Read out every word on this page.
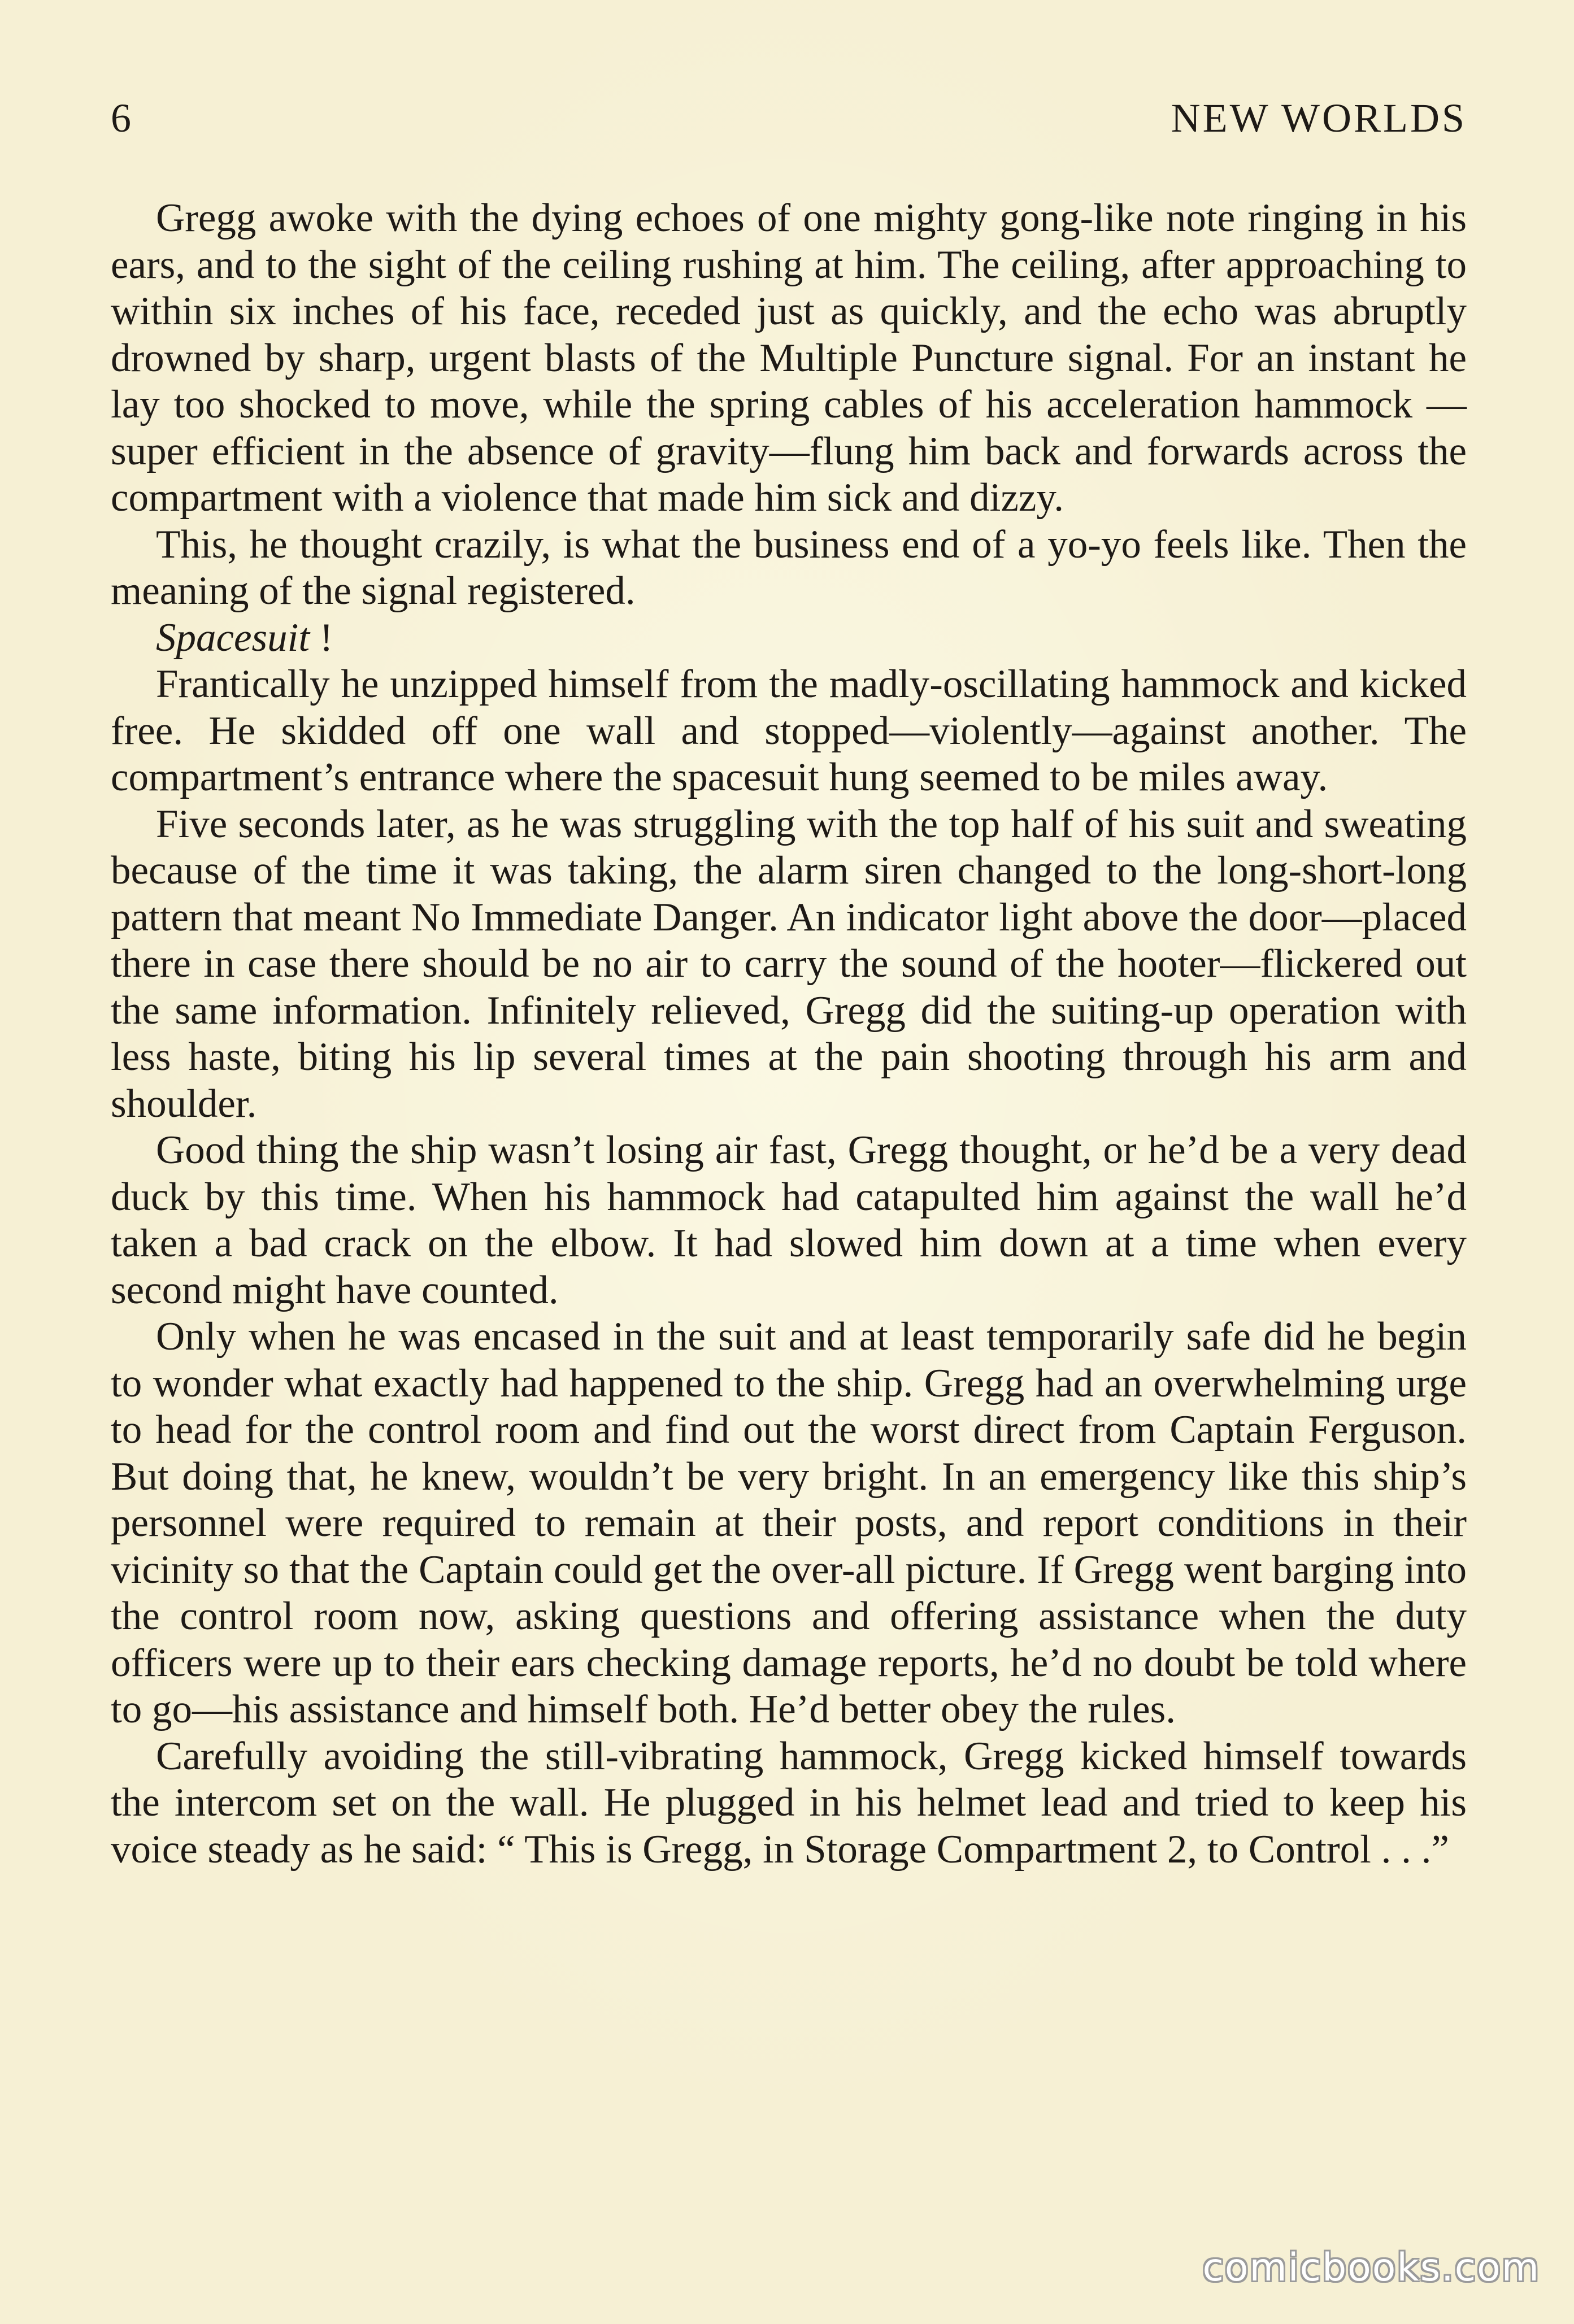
6	NEW WORLDS

Gregg awoke with the dying echoes of one mighty gong-like note ringing in his ears, and to the sight of the ceiling rushing at him. The ceiling, after approaching to within six inches of his face, receded just as quickly, and the echo was abruptly drowned by sharp, urgent blasts of the Multiple Puncture signal. For an instant he lay too shocked to move, while the spring cables of his acceleration hammock —super efficient in the absence of gravity—flung him back and forwards across the compartment with a violence that made him sick and dizzy.

This, he thought crazily, is what the business end of a yo-yo feels like. Then the meaning of the signal registered.

Spacesuit !

Frantically he unzipped himself from the madly-oscillating hammock and kicked free. He skidded off one wall and stopped—violently—against another. The compartment’s entrance where the spacesuit hung seemed to be miles away.

Five seconds later, as he was struggling with the top half of his suit and sweating because of the time it was taking, the alarm siren changed to the long-short-long pattern that meant No Immediate Danger. An indicator light above the door—placed there in case there should be no air to carry the sound of the hooter—flickered out the same information. Infinitely relieved, Gregg did the suiting-up operation with less haste, biting his lip several times at the pain shooting through his arm and shoulder.

Good thing the ship wasn’t losing air fast, Gregg thought, or he’d be a very dead duck by this time. When his hammock had catapulted him against the wall he’d taken a bad crack on the elbow. It had slowed him down at a time when every second might have counted.

Only when he was encased in the suit and at least temporarily safe did he begin to wonder what exactly had happened to the ship. Gregg had an overwhelming urge to head for the control room and find out the worst direct from Captain Ferguson. But doing that, he knew, wouldn’t be very bright. In an emergency like this ship’s personnel were required to remain at their posts, and report conditions in their vicinity so that the Captain could get the over-all picture. If Gregg went barging into the control room now, asking questions and offering assistance when the duty officers were up to their ears checking damage reports, he’d no doubt be told where to go—his assistance and himself both. He’d better obey the rules.

Carefully avoiding the still-vibrating hammock, Gregg kicked himself towards the intercom set on the wall. He plugged in his helmet lead and tried to keep his voice steady as he said: “ This is Gregg, in Storage Compartment 2, to Control . . .”

comicbooks.com
